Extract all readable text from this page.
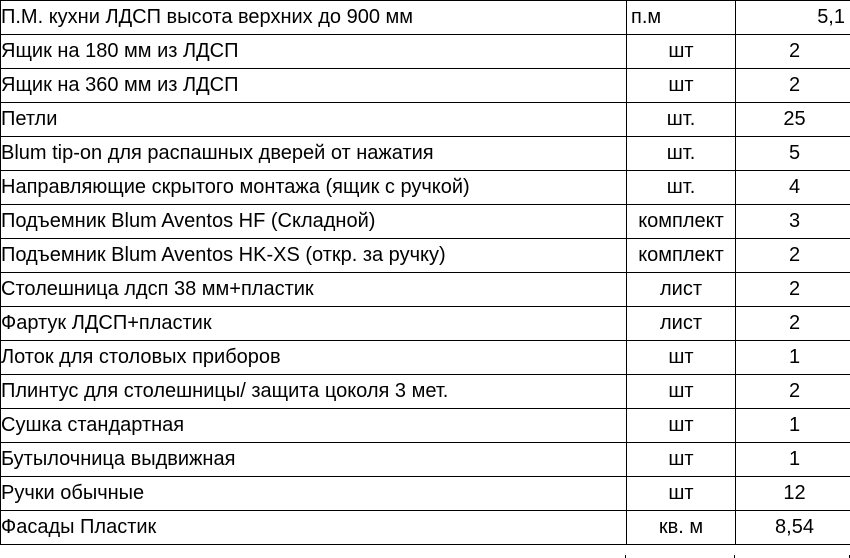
П.М. кухни ЛДСП высота верхних до 900 мм	п.м	5,1
Ящик на 180 мм из ЛДСП	шт	2
Ящик на 360 мм из ЛДСП	шт	2
Петли	шт.	25
Blum tip-on для распашных дверей от нажатия	шт.	5
Направляющие скрытого монтажа (ящик с ручкой)	шт.	4
Подъемник Blum Aventos HF (Складной)	комплект	3
Подъемник Blum Aventos HK-XS (откр. за ручку)	комплект	2
Столешница лдсп 38 мм+пластик	лист	2
Фартук ЛДСП+пластик	лист	2
Лоток для столовых приборов	шт	1
Плинтус для столешницы/ защита цоколя 3 мет.	шт	2
Сушка стандартная	шт	1
Бутылочница выдвижная	шт	1
Ручки обычные	шт	12
Фасады Пластик	кв. м	8,54
